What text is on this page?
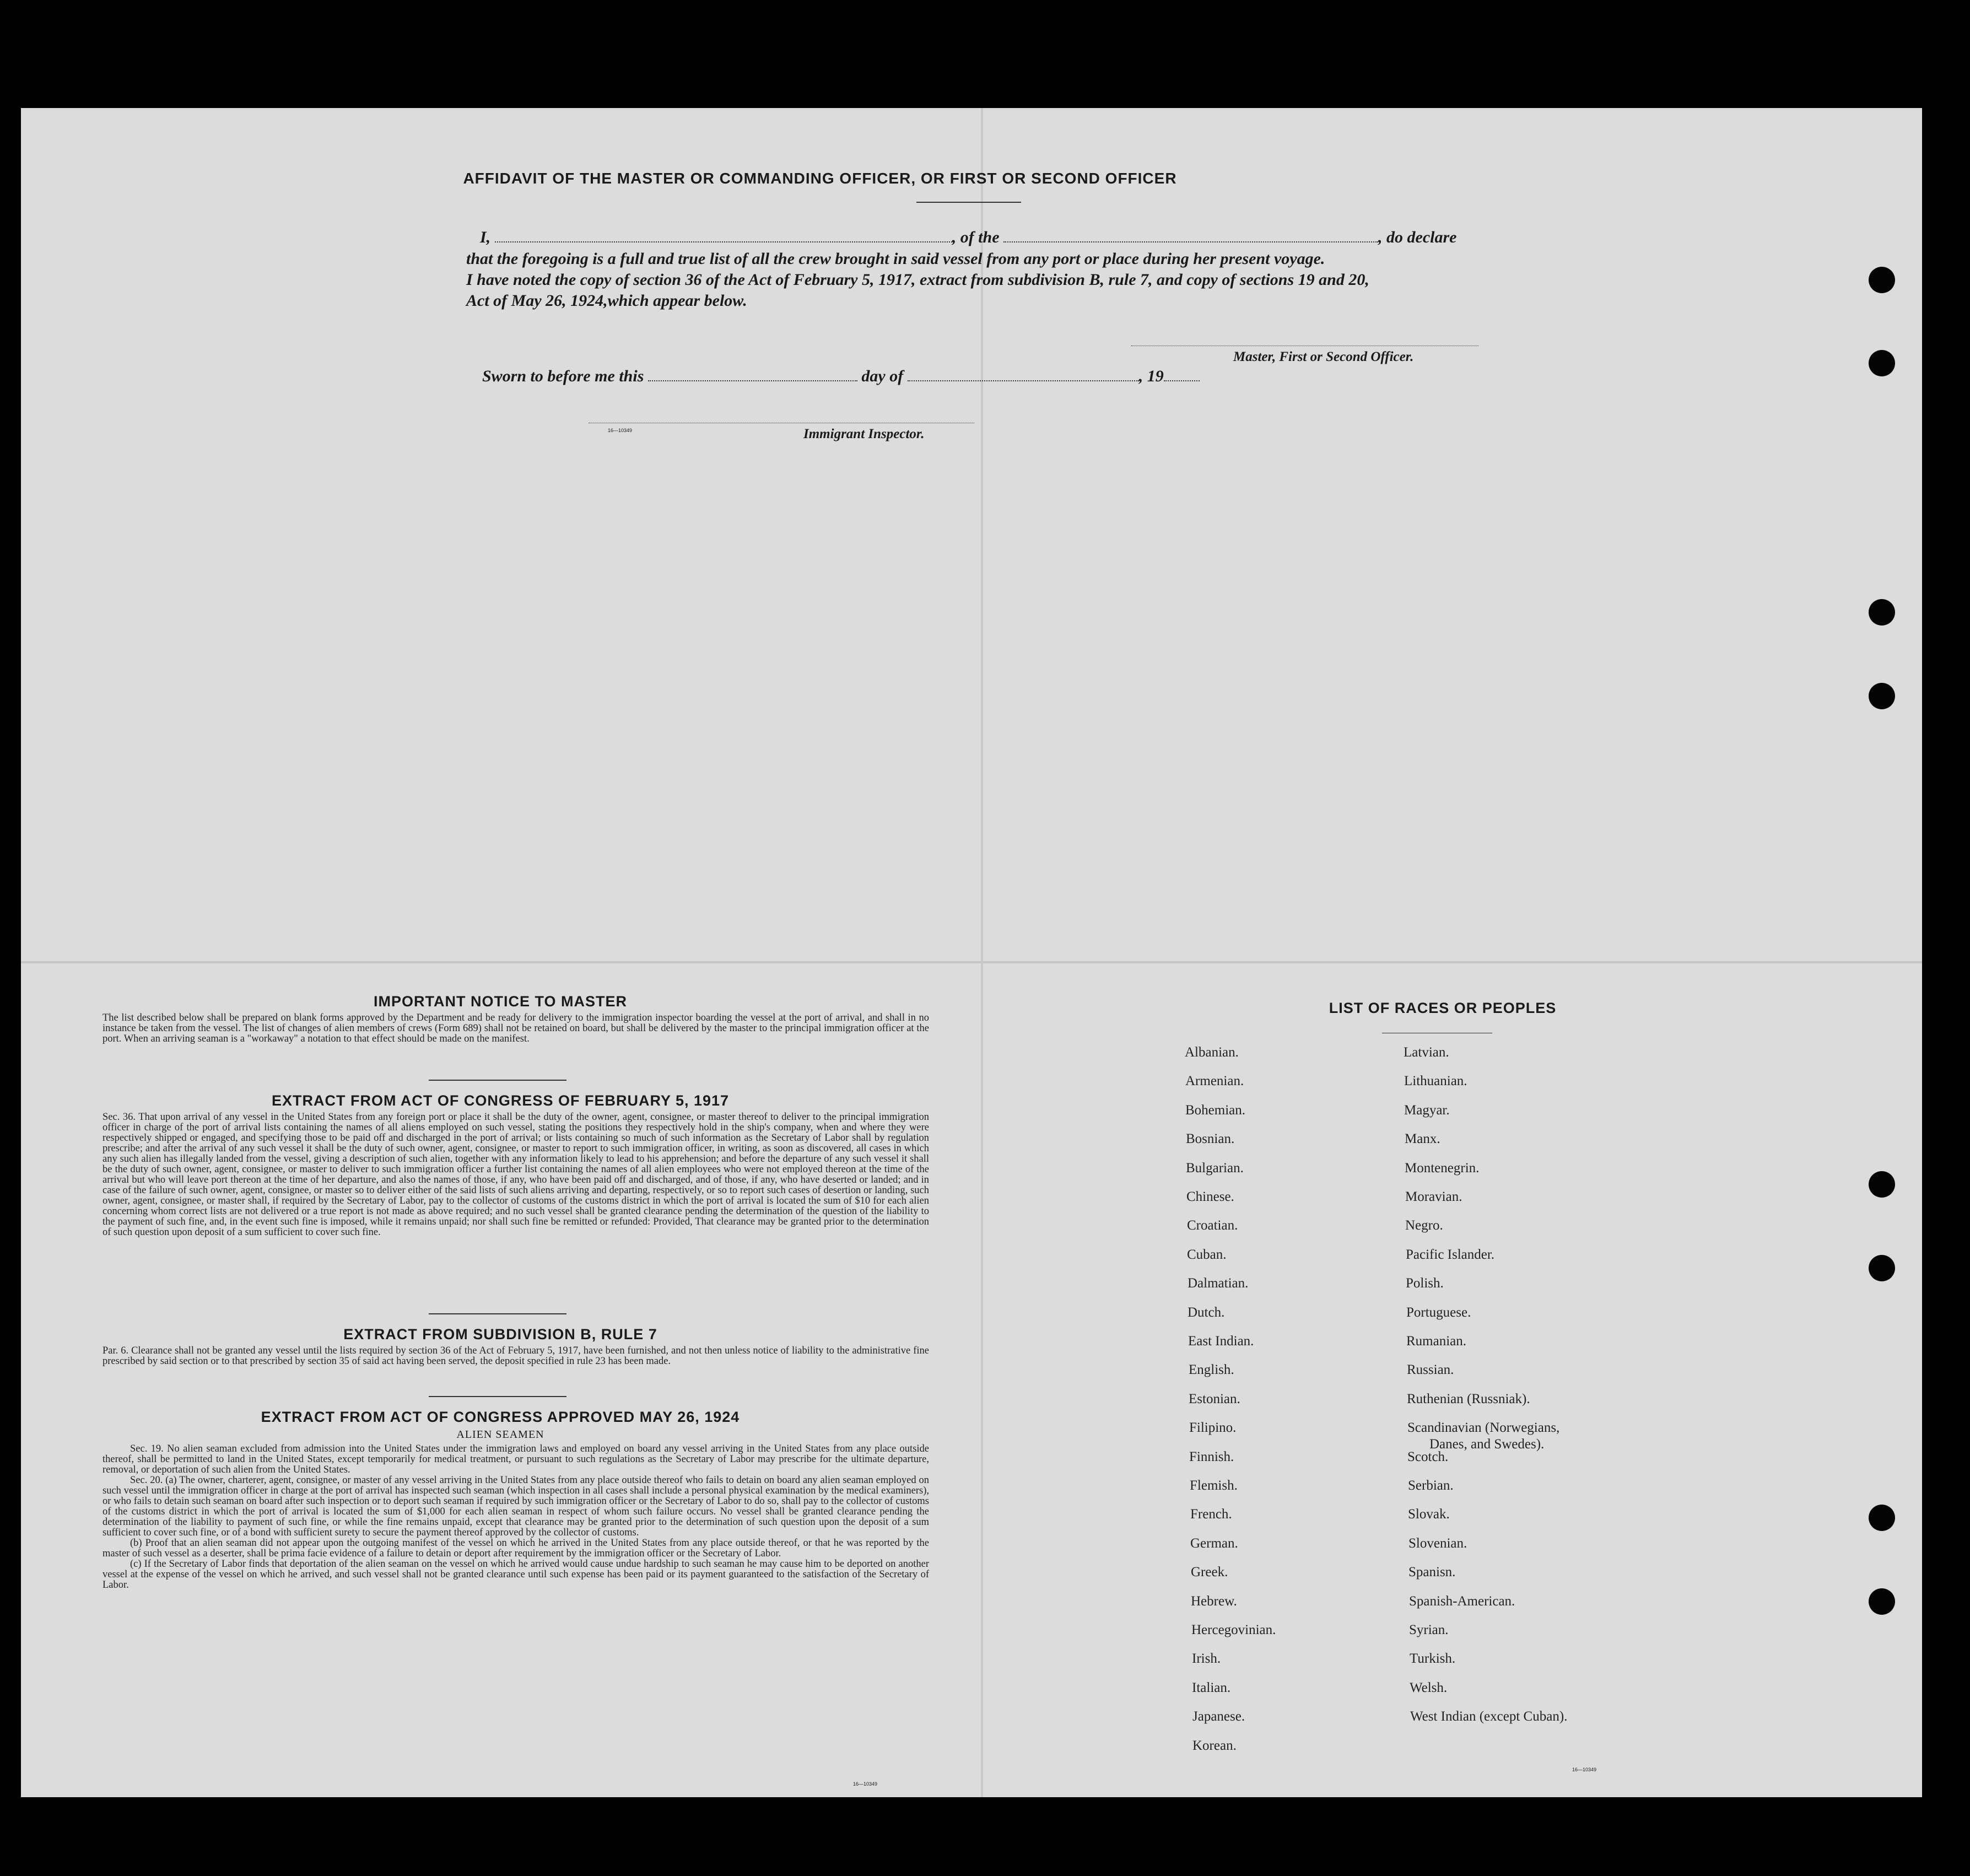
AFFIDAVIT OF THE MASTER OR COMMANDING OFFICER, OR FIRST OR SECOND OFFICER
I,	, of the	, do declare
that the foregoing is a full and true list of all the crew brought in said vessel from any port or place during her present voyage.
I have noted the copy of section 36 of the Act of February 5, 1917, extract from subdivision B, rule 7, and copy of sections 19 and 20,
Act of May 26, 1924,which appear below.
Master, First or Second Officer.
Sworn to before me this	day of	, 19
16—10349	Immigrant Inspector.
IMPORTANT NOTICE TO MASTER
The list described below shall be prepared on blank forms approved by the Department and be ready for delivery to the immigration inspector boarding the vessel at the port of arrival, and shall in no instance be taken from the vessel. The list of changes of alien members of crews (Form 689) shall not be retained on board, but shall be delivered by the master to the principal immigration officer at the port. When an arriving seaman is a "workaway" a notation to that effect should be made on the manifest.
EXTRACT FROM ACT OF CONGRESS OF FEBRUARY 5, 1917
Sec. 36. That upon arrival of any vessel in the United States from any foreign port or place it shall be the duty of the owner, agent, consignee, or master thereof to deliver to the principal immigration officer in charge of the port of arrival lists containing the names of all aliens employed on such vessel, stating the positions they respectively hold in the ship's company, when and where they were respectively shipped or engaged, and specifying those to be paid off and discharged in the port of arrival; or lists containing so much of such information as the Secretary of Labor shall by regulation prescribe; and after the arrival of any such vessel it shall be the duty of such owner, agent, consignee, or master to report to such immigration officer, in writing, as soon as discovered, all cases in which any such alien has illegally landed from the vessel, giving a description of such alien, together with any information likely to lead to his apprehension; and before the departure of any such vessel it shall be the duty of such owner, agent, consignee, or master to deliver to such immigration officer a further list containing the names of all alien employees who were not employed thereon at the time of the arrival but who will leave port thereon at the time of her departure, and also the names of those, if any, who have been paid off and discharged, and of those, if any, who have deserted or landed; and in case of the failure of such owner, agent, consignee, or master so to deliver either of the said lists of such aliens arriving and departing, respectively, or so to report such cases of desertion or landing, such owner, agent, consignee, or master shall, if required by the Secretary of Labor, pay to the collector of customs of the customs district in which the port of arrival is located the sum of $10 for each alien concerning whom correct lists are not delivered or a true report is not made as above required; and no such vessel shall be granted clearance pending the determination of the question of the liability to the payment of such fine, and, in the event such fine is imposed, while it remains unpaid; nor shall such fine be remitted or refunded: Provided, That clearance may be granted prior to the determination of such question upon deposit of a sum sufficient to cover such fine.
EXTRACT FROM SUBDIVISION B, RULE 7
Par. 6. Clearance shall not be granted any vessel until the lists required by section 36 of the Act of February 5, 1917, have been furnished, and not then unless notice of liability to the administrative fine prescribed by said section or to that prescribed by section 35 of said act having been served, the deposit specified in rule 23 has been made.
EXTRACT FROM ACT OF CONGRESS APPROVED MAY 26, 1924
ALIEN SEAMEN
Sec. 19. No alien seaman excluded from admission into the United States under the immigration laws and employed on board any vessel arriving in the United States from any place outside thereof, shall be permitted to land in the United States, except temporarily for medical treatment, or pursuant to such regulations as the Secretary of Labor may prescribe for the ultimate departure, removal, or deportation of such alien from the United States.
Sec. 20. (a) The owner, charterer, agent, consignee, or master of any vessel arriving in the United States from any place outside thereof who fails to detain on board any alien seaman employed on such vessel until the immigration officer in charge at the port of arrival has inspected such seaman (which inspection in all cases shall include a personal physical examination by the medical examiners), or who fails to detain such seaman on board after such inspection or to deport such seaman if required by such immigration officer or the Secretary of Labor to do so, shall pay to the collector of customs of the customs district in which the port of arrival is located the sum of $1,000 for each alien seaman in respect of whom such failure occurs. No vessel shall be granted clearance pending the determination of the liability to payment of such fine, or while the fine remains unpaid, except that clearance may be granted prior to the determination of such question upon the deposit of a sum sufficient to cover such fine, or of a bond with sufficient surety to secure the payment thereof approved by the collector of customs.
(b) Proof that an alien seaman did not appear upon the outgoing manifest of the vessel on which he arrived in the United States from any place outside thereof, or that he was reported by the master of such vessel as a deserter, shall be prima facie evidence of a failure to detain or deport after requirement by the immigration officer or the Secretary of Labor.
(c) If the Secretary of Labor finds that deportation of the alien seaman on the vessel on which he arrived would cause undue hardship to such seaman he may cause him to be deported on another vessel at the expense of the vessel on which he arrived, and such vessel shall not be granted clearance until such expense has been paid or its payment guaranteed to the satisfaction of the Secretary of Labor.
16—10349
LIST OF RACES OR PEOPLES
Albanian.
Armenian.
Bohemian.
Bosnian.
Bulgarian.
Chinese.
Croatian.
Cuban.
Dalmatian.
Dutch.
East Indian.
English.
Estonian.
Filipino.
Finnish.
Flemish.
French.
German.
Greek.
Hebrew.
Hercegovinian.
Irish.
Italian.
Japanese.
Korean.
Latvian.
Lithuanian.
Magyar.
Manx.
Montenegrin.
Moravian.
Negro.
Pacific Islander.
Polish.
Portuguese.
Rumanian.
Russian.
Ruthenian (Russniak).
Scandinavian (Norwegians,
Danes, and Swedes).
Scotch.
Serbian.
Slovak.
Slovenian.
Spanisn.
Spanish-American.
Syrian.
Turkish.
Welsh.
West Indian (except Cuban).
16—10349
